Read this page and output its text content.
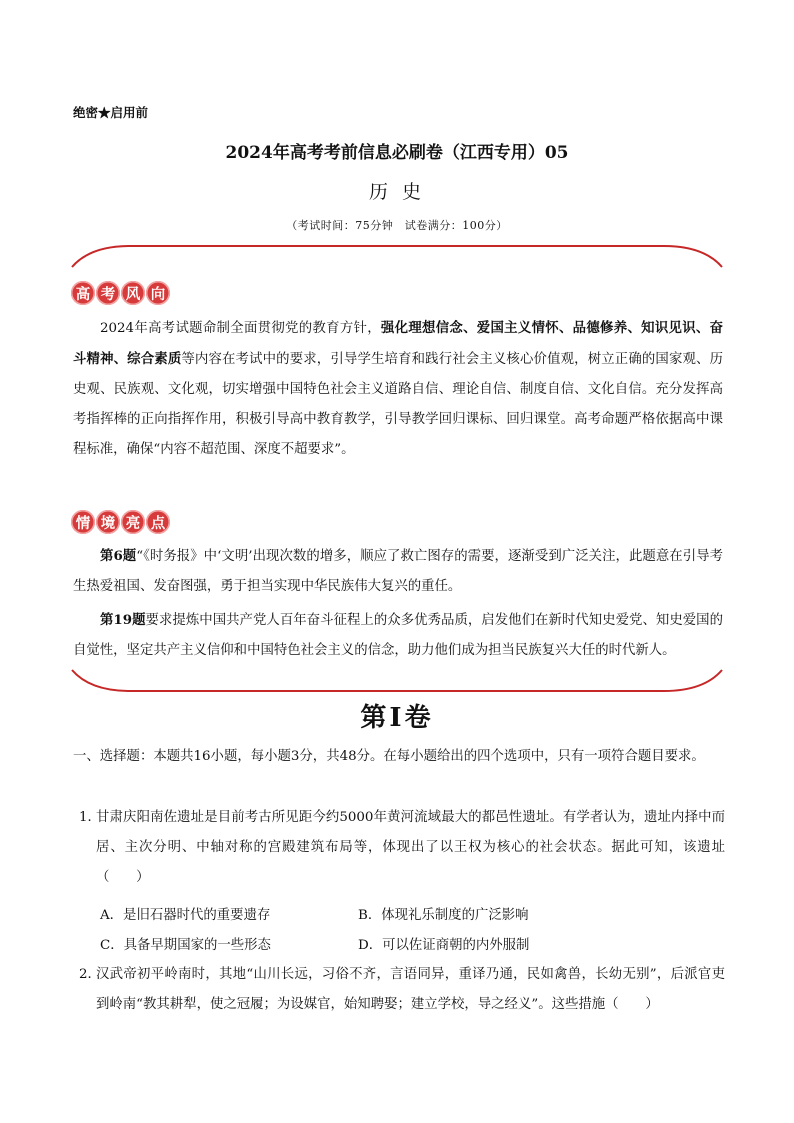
绝密★启用前
2024年高考考前信息必刷卷（江西专用）05
历 史
（考试时间：75分钟　试卷满分：100分）
高 考 风 向
2024年高考试题命制全面贯彻党的教育方针，强化理想信念、爱国主义情怀、品德修养、知识见识、奋斗精神、综合素质等内容在考试中的要求，引导学生培育和践行社会主义核心价值观，树立正确的国家观、历史观、民族观、文化观，切实增强中国特色社会主义道路自信、理论自信、制度自信、文化自信。充分发挥高考指挥棒的正向指挥作用，积极引导高中教育教学，引导教学回归课标、回归课堂。高考命题严格依据高中课程标准，确保“内容不超范围、深度不超要求”。
情 境 亮 点
第6题“《时务报》中‘文明’出现次数的增多，顺应了救亡图存的需要，逐渐受到广泛关注，此题意在引导考生热爱祖国、发奋图强，勇于担当实现中华民族伟大复兴的重任。
第19题要求提炼中国共产党人百年奋斗征程上的众多优秀品质，启发他们在新时代知史爱党、知史爱国的自觉性，坚定共产主义信仰和中国特色社会主义的信念，助力他们成为担当民族复兴大任的时代新人。
第Ⅰ卷
一、选择题：本题共16小题，每小题3分，共48分。在每小题给出的四个选项中，只有一项符合题目要求。
1．
甘肃庆阳南佐遗址是目前考古所见距今约5000年黄河流域最大的都邑性遗址。有学者认为，遗址内择中而居、主次分明、中轴对称的宫殿建筑布局等，体现出了以王权为核心的社会状态。据此可知，该遗址（　　）
A．是旧石器时代的重要遗存	B．体现礼乐制度的广泛影响
C．具备早期国家的一些形态	D．可以佐证商朝的内外服制
2．
汉武帝初平岭南时，其地“山川长远，习俗不齐，言语同异，重译乃通，民如禽兽，长幼无别”，后派官吏到岭南“教其耕犁，使之冠履；为设媒官，始知聘娶；建立学校，导之经义”。这些措施（　　）
